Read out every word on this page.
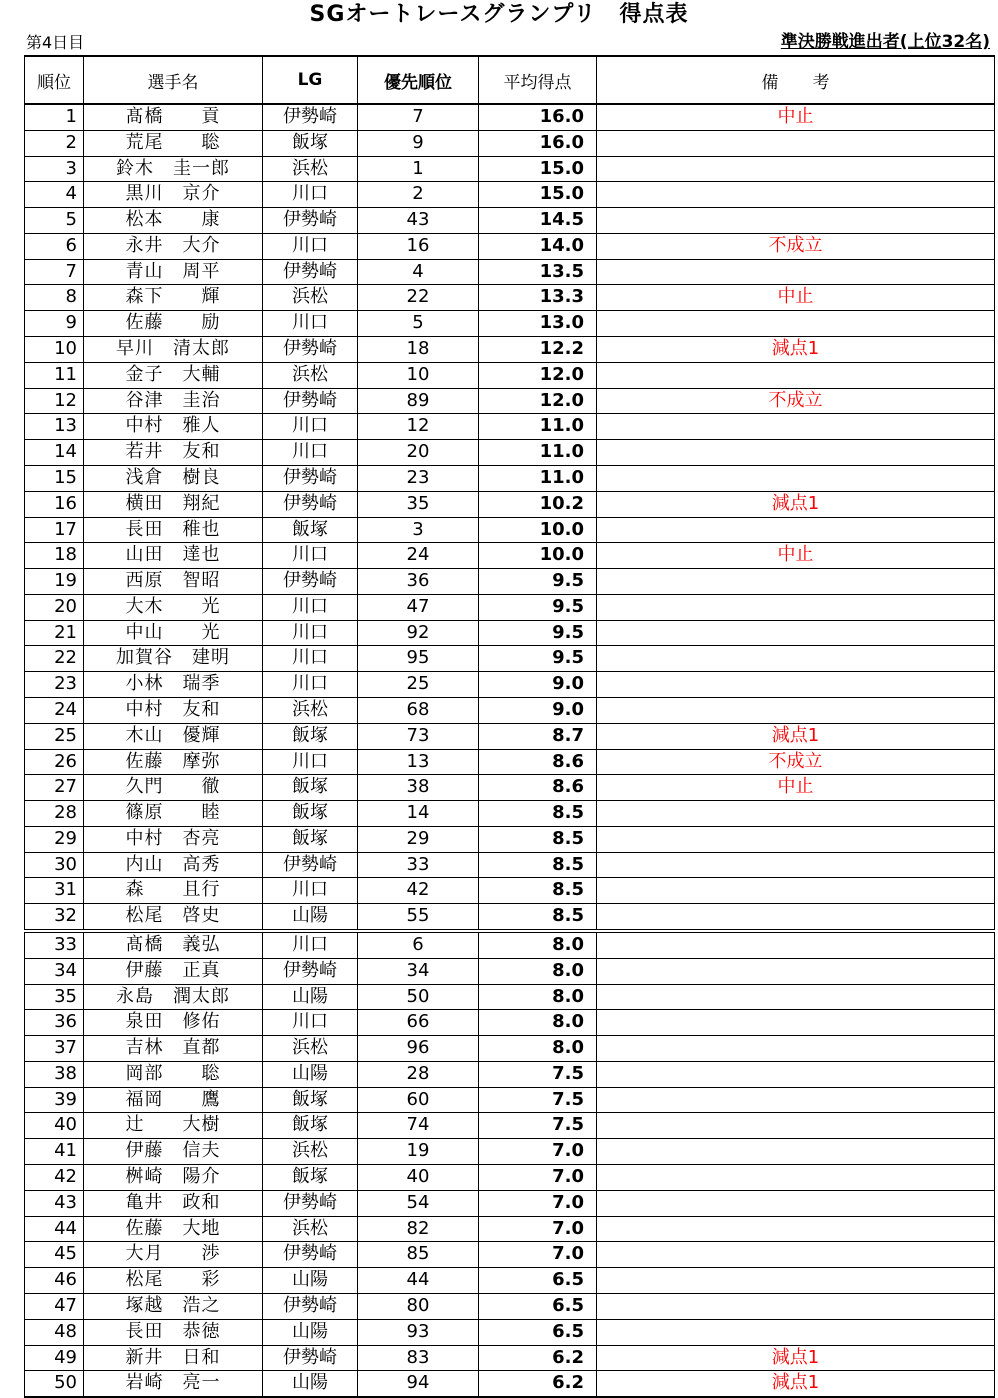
SGオートレースグランプリ　得点表
第4日目	準決勝戦進出者(上位32名)
順位	選手名	LG	優先順位	平均得点	備　　考
1	髙橋　　貢	伊勢崎	7	16.0	中止
2	荒尾　　聡	飯塚	9	16.0	
3	鈴木　圭一郎	浜松	1	15.0	
4	黒川　京介	川口	2	15.0	
5	松本　　康	伊勢崎	43	14.5	
6	永井　大介	川口	16	14.0	不成立
7	青山　周平	伊勢崎	4	13.5	
8	森下　　輝	浜松	22	13.3	中止
9	佐藤　　励	川口	5	13.0	
10	早川　清太郎	伊勢崎	18	12.2	減点1
11	金子　大輔	浜松	10	12.0	
12	谷津　圭治	伊勢崎	89	12.0	不成立
13	中村　雅人	川口	12	11.0	
14	若井　友和	川口	20	11.0	
15	浅倉　樹良	伊勢崎	23	11.0	
16	横田　翔紀	伊勢崎	35	10.2	減点1
17	長田　稚也	飯塚	3	10.0	
18	山田　達也	川口	24	10.0	中止
19	西原　智昭	伊勢崎	36	9.5	
20	大木　　光	川口	47	9.5	
21	中山　　光	川口	92	9.5	
22	加賀谷　建明	川口	95	9.5	
23	小林　瑞季	川口	25	9.0	
24	中村　友和	浜松	68	9.0	
25	木山　優輝	飯塚	73	8.7	減点1
26	佐藤　摩弥	川口	13	8.6	不成立
27	久門　　徹	飯塚	38	8.6	中止
28	篠原　　睦	飯塚	14	8.5	
29	中村　杏亮	飯塚	29	8.5	
30	内山　高秀	伊勢崎	33	8.5	
31	森　　且行	川口	42	8.5	
32	松尾　啓史	山陽	55	8.5	
33	髙橋　義弘	川口	6	8.0	
34	伊藤　正真	伊勢崎	34	8.0	
35	永島　潤太郎	山陽	50	8.0	
36	泉田　修佑	川口	66	8.0	
37	吉林　直都	浜松	96	8.0	
38	岡部　　聡	山陽	28	7.5	
39	福岡　　鷹	飯塚	60	7.5	
40	辻　　大樹	飯塚	74	7.5	
41	伊藤　信夫	浜松	19	7.0	
42	桝崎　陽介	飯塚	40	7.0	
43	亀井　政和	伊勢崎	54	7.0	
44	佐藤　大地	浜松	82	7.0	
45	大月　　渉	伊勢崎	85	7.0	
46	松尾　　彩	山陽	44	6.5	
47	塚越　浩之	伊勢崎	80	6.5	
48	長田　恭徳	山陽	93	6.5	
49	新井　日和	伊勢崎	83	6.2	減点1
50	岩崎　亮一	山陽	94	6.2	減点1
